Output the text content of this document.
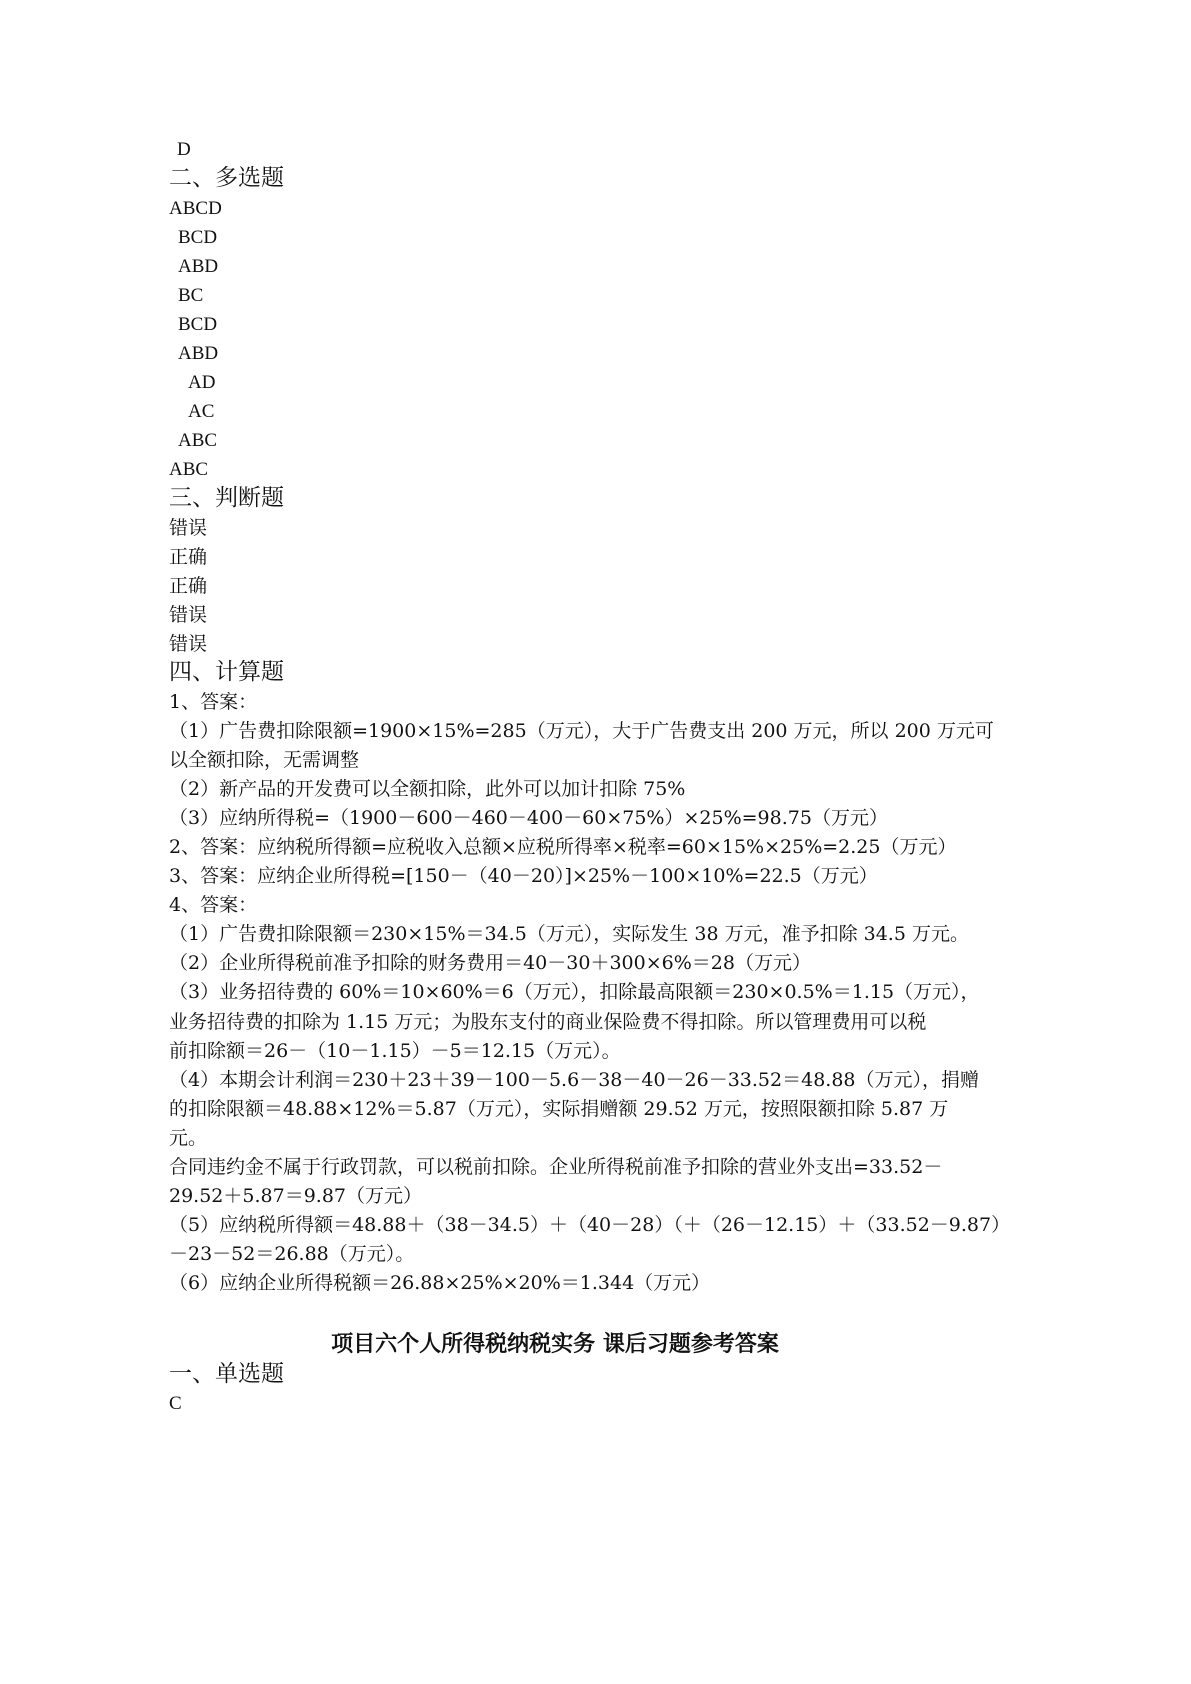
D
二、多选题
ABCD
BCD
ABD
BC
BCD
ABD
AD
AC
ABC
ABC
三、判断题
错误
正确
正确
错误
错误
四、计算题
1、答案：
（1）广告费扣除限额=1900×15%=285（万元），大于广告费支出 200 万元，所以 200 万元可
以全额扣除，无需调整
（2）新产品的开发费可以全额扣除，此外可以加计扣除 75%
（3）应纳所得税=（1900－600－460－400－60×75%）×25%=98.75（万元）
2、答案：应纳税所得额=应税收入总额×应税所得率×税率=60×15%×25%=2.25（万元）
3、答案：应纳企业所得税=[150－（40－20）]×25%－100×10%=22.5（万元）
4、答案：
（1）广告费扣除限额＝230×15%＝34.5（万元），实际发生 38 万元，准予扣除 34.5 万元。
（2）企业所得税前准予扣除的财务费用＝40－30＋300×6%＝28（万元）
（3）业务招待费的 60%＝10×60%＝6（万元），扣除最高限额＝230×0.5%＝1.15（万元），
业务招待费的扣除为 1.15 万元；为股东支付的商业保险费不得扣除。所以管理费用可以税
前扣除额＝26－（10－1.15）－5＝12.15（万元）。
（4）本期会计利润＝230＋23＋39－100－5.6－38－40－26－33.52＝48.88（万元），捐赠
的扣除限额＝48.88×12%＝5.87（万元），实际捐赠额 29.52 万元，按照限额扣除 5.87 万
元。
合同违约金不属于行政罚款，可以税前扣除。企业所得税前准予扣除的营业外支出=33.52－
29.52＋5.87＝9.87（万元）
（5）应纳税所得额＝48.88＋（38－34.5）＋（40－28）（＋（26－12.15）＋（33.52－9.87）
－23－52＝26.88（万元）。
（6）应纳企业所得税额＝26.88×25%×20%＝1.344（万元）
项目六个人所得税纳税实务 课后习题参考答案
一、单选题
C
